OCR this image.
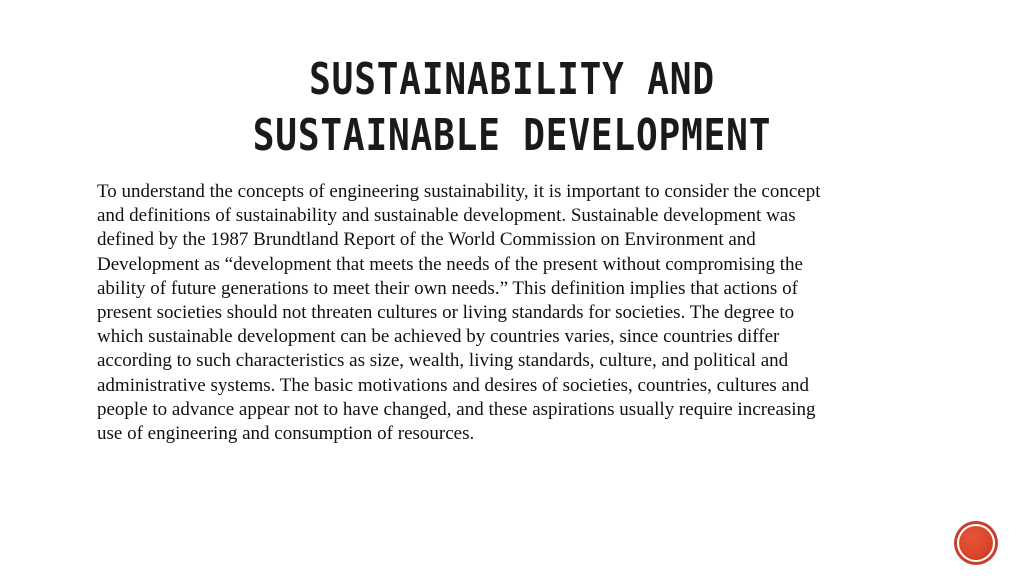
SUSTAINABILITY AND SUSTAINABLE DEVELOPMENT

To understand the concepts of engineering sustainability, it is important to consider the concept and definitions of sustainability and sustainable development. Sustainable development was defined by the 1987 Brundtland Report of the World Commission on Environment and Development as “development that meets the needs of the present without compromising the ability of future generations to meet their own needs.” This definition implies that actions of present societies should not threaten cultures or living standards for societies. The degree to which sustainable development can be achieved by countries varies, since countries differ according to such characteristics as size, wealth, living standards, culture, and political and administrative systems. The basic motivations and desires of societies, countries, cultures and people to advance appear not to have changed, and these aspirations usually require increasing use of engineering and consumption of resources.
